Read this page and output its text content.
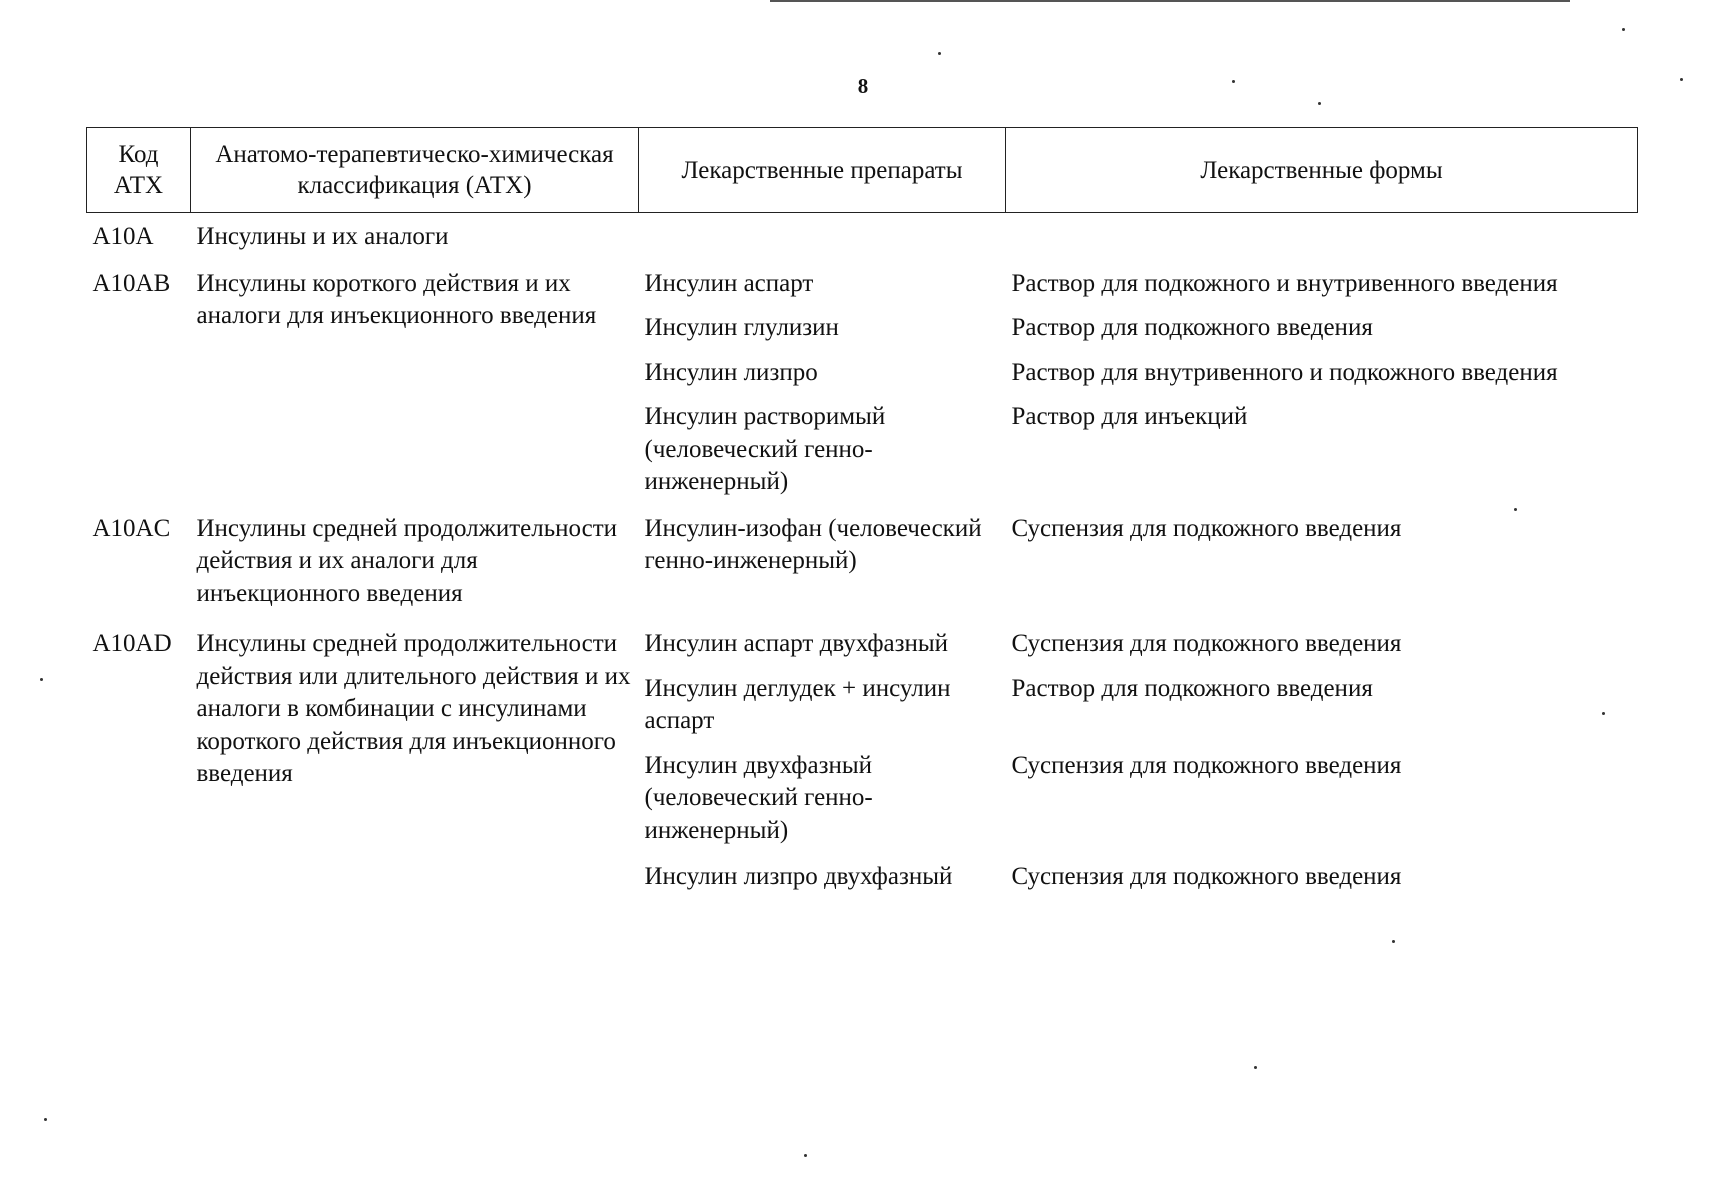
8
Код АТХ	Анатомо-терапевтическо-химическая классификация (АТХ)	Лекарственные препараты	Лекарственные формы
A10A	Инсулины и их аналоги		
A10AB	Инсулины короткого действия и их аналоги для инъекционного введения	Инсулин аспарт	Раствор для подкожного и внутривенного введения
		Инсулин глулизин	Раствор для подкожного введения
		Инсулин лизпро	Раствор для внутривенного и подкожного введения
		Инсулин растворимый (человеческий генно-инженерный)	Раствор для инъекций
A10AC	Инсулины средней продолжительности действия и их аналоги для инъекционного введения	Инсулин-изофан (человеческий генно-инженерный)	Суспензия для подкожного введения
A10AD	Инсулины средней продолжительности действия или длительного действия и их аналоги в комбинации с инсулинами короткого действия для инъекционного введения	Инсулин аспарт двухфазный	Суспензия для подкожного введения
		Инсулин деглудек + инсулин аспарт	Раствор для подкожного введения
		Инсулин двухфазный (человеческий генно-инженерный)	Суспензия для подкожного введения
		Инсулин лизпро двухфазный	Суспензия для подкожного введения
